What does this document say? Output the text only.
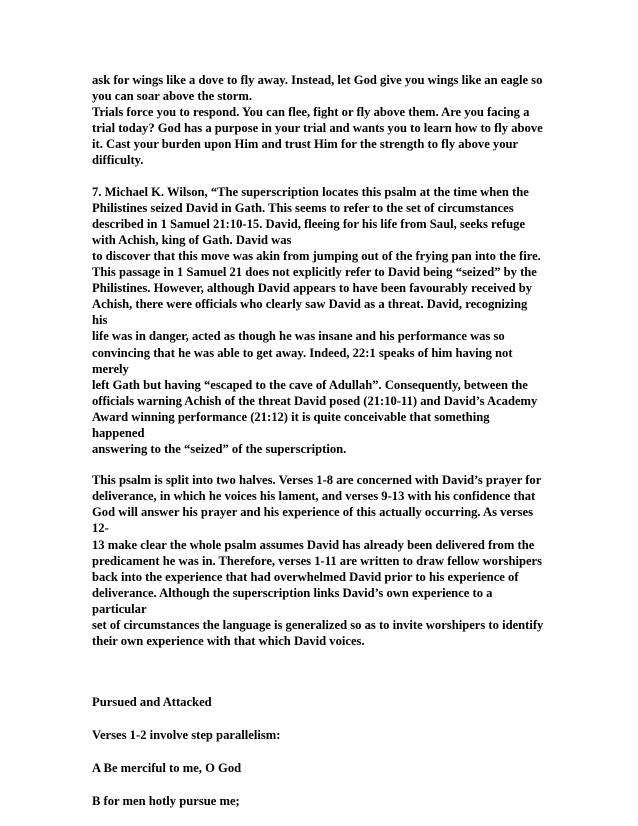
ask for wings like a dove to fly away. Instead, let God give you wings like an eagle so
you can soar above the storm.
Trials force you to respond. You can flee, fight or fly above them. Are you facing a
trial today? God has a purpose in your trial and wants you to learn how to fly above
it. Cast your burden upon Him and trust Him for the strength to fly above your
difficulty.
7. Michael K. Wilson, “The superscription locates this psalm at the time when the
Philistines seized David in Gath. This seems to refer to the set of circumstances
described in 1 Samuel 21:10-15. David, fleeing for his life from Saul, seeks refuge
with Achish, king of Gath. David was
to discover that this move was akin from jumping out of the frying pan into the fire.
This passage in 1 Samuel 21 does not explicitly refer to David being “seized” by the
Philistines. However, although David appears to have been favourably received by
Achish, there were officials who clearly saw David as a threat. David, recognizing
his
life was in danger, acted as though he was insane and his performance was so
convincing that he was able to get away. Indeed, 22:1 speaks of him having not
merely
left Gath but having “escaped to the cave of Adullah”. Consequently, between the
officials warning Achish of the threat David posed (21:10-11) and David’s Academy
Award winning performance (21:12) it is quite conceivable that something
happened
answering to the “seized” of the superscription.
This psalm is split into two halves. Verses 1-8 are concerned with David’s prayer for
deliverance, in which he voices his lament, and verses 9-13 with his confidence that
God will answer his prayer and his experience of this actually occurring. As verses
12-
13 make clear the whole psalm assumes David has already been delivered from the
predicament he was in. Therefore, verses 1-11 are written to draw fellow worshipers
back into the experience that had overwhelmed David prior to his experience of
deliverance. Although the superscription links David’s own experience to a
particular
set of circumstances the language is generalized so as to invite worshipers to identify
their own experience with that which David voices.
Pursued and Attacked
Verses 1-2 involve step parallelism:
A Be merciful to me, O God
B for men hotly pursue me;
